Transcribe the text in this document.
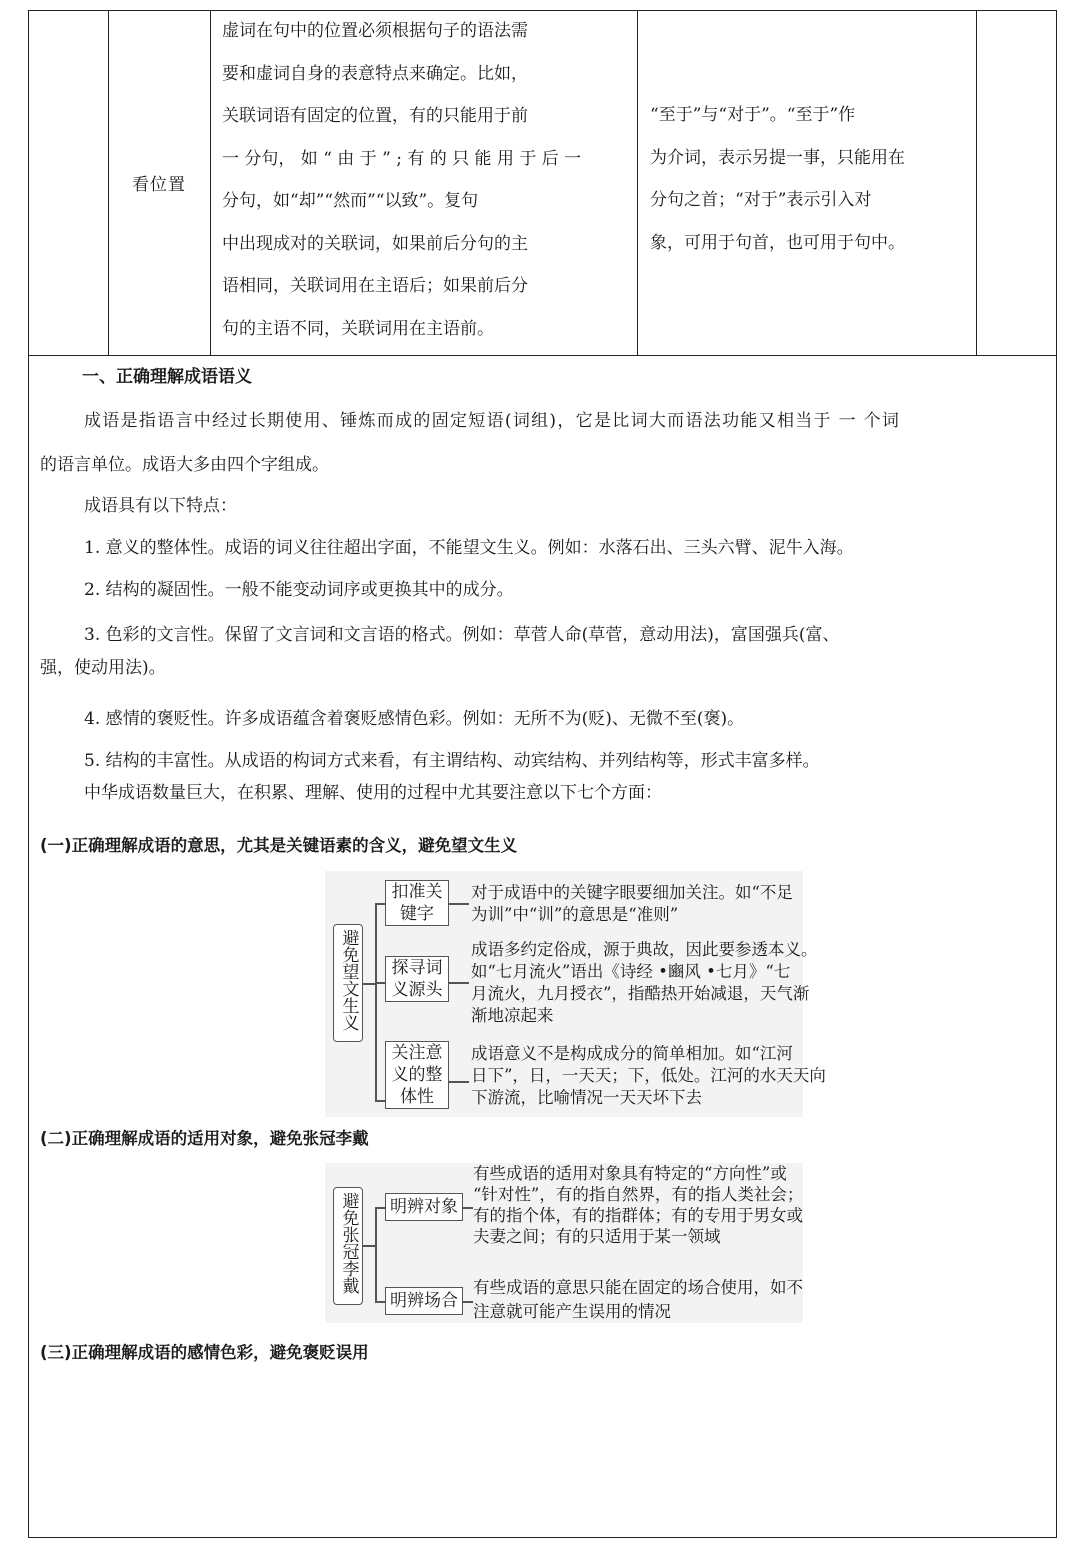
看位置
虚词在句中的位置必须根据句子的语法需
要和虚词自身的表意特点来确定。比如，
关联词语有固定的位置，有的只能用于前
一 分句， 如 “ 由 于 ” ; 有 的 只 能 用 于 后 一
分句，如“却”“然而”“以致”。复句
中出现成对的关联词，如果前后分句的主
语相同，关联词用在主语后；如果前后分
句的主语不同，关联词用在主语前。
“至于”与“对于”。“至于”作
为介词，表示另提一事，只能用在
分句之首；“对于”表示引入对
象，可用于句首，也可用于句中。
一、正确理解成语语义
成语是指语言中经过长期使用、锤炼而成的固定短语(词组)，它是比词大而语法功能又相当于 一 个词
的语言单位。成语大多由四个字组成。
成语具有以下特点：
1. 意义的整体性。成语的词义往往超出字面，不能望文生义。例如：水落石出、三头六臂、泥牛入海。
2. 结构的凝固性。一般不能变动词序或更换其中的成分。
3. 色彩的文言性。保留了文言词和文言语的格式。例如：草菅人命(草菅，意动用法)，富国强兵(富、
强，使动用法)。
4. 感情的褒贬性。许多成语蕴含着褒贬感情色彩。例如：无所不为(贬)、无微不至(褒)。
5. 结构的丰富性。从成语的构词方式来看，有主谓结构、动宾结构、并列结构等，形式丰富多样。
中华成语数量巨大，在积累、理解、使用的过程中尤其要注意以下七个方面：
(一)正确理解成语的意思，尤其是关键语素的含义，避免望文生义
避免望文生义
扣准关
键字
对于成语中的关键字眼要细加关注。如“不足
为训”中“训”的意思是“准则”
探寻词
义源头
成语多约定俗成，源于典故，因此要参透本义。
如“七月流火”语出《诗经 •豳风 •七月》“七
月流火，九月授衣”，指酷热开始减退，天气渐
渐地凉起来
关注意
义的整
体性
成语意义不是构成成分的简单相加。如“江河
日下”，日，一天天；下，低处。江河的水天天向
下游流，比喻情况一天天坏下去
(二)正确理解成语的适用对象，避免张冠李戴
避免张冠李戴 明辨对象
有些成语的适用对象具有特定的“方向性”或
“针对性”，有的指自然界，有的指人类社会；
有的指个体，有的指群体；有的专用于男女或
夫妻之间；有的只适用于某一领域
明辨场合
有些成语的意思只能在固定的场合使用，如不
注意就可能产生误用的情况
(三)正确理解成语的感情色彩，避免褒贬误用
